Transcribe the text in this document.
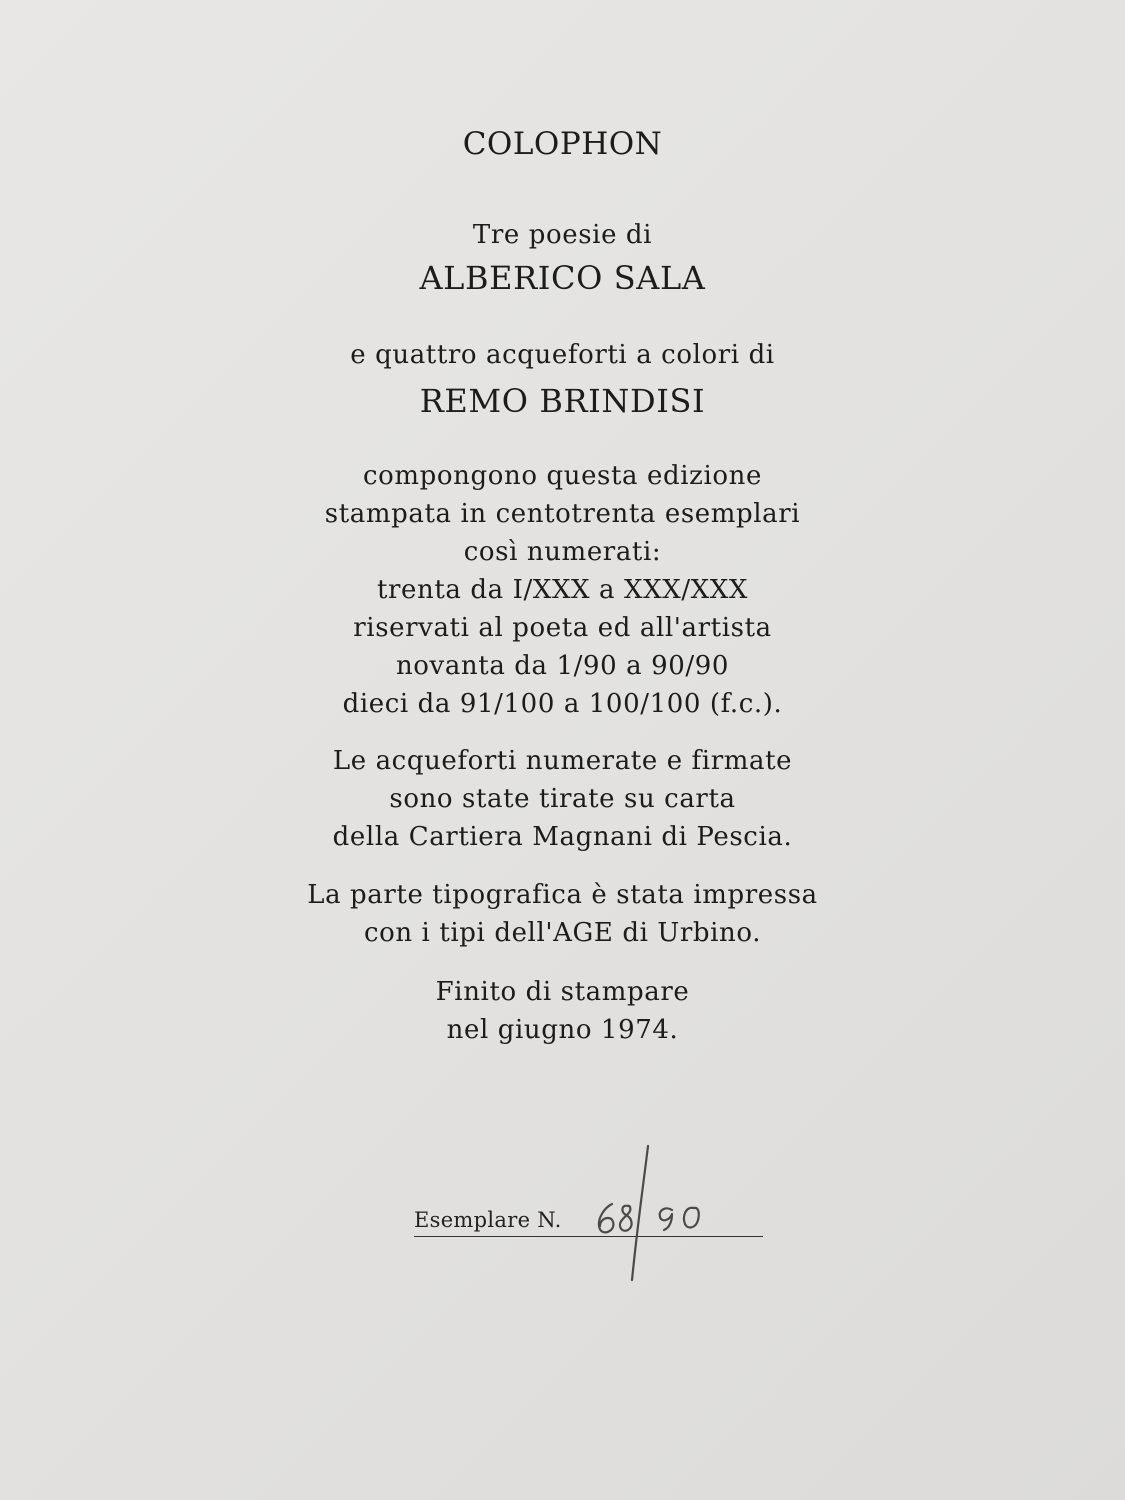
COLOPHON
Tre poesie di
ALBERICO SALA
e quattro acqueforti a colori di
REMO BRINDISI
compongono questa edizione
stampata in centotrenta esemplari
così numerati:
trenta da I/XXX a XXX/XXX
riservati al poeta ed all'artista
novanta da 1/90 a 90/90
dieci da 91/100 a 100/100 (f.c.).
Le acqueforti numerate e firmate
sono state tirate su carta
della Cartiera Magnani di Pescia.
La parte tipografica è stata impressa
con i tipi dell'AGE di Urbino.
Finito di stampare
nel giugno 1974.
Esemplare N.
